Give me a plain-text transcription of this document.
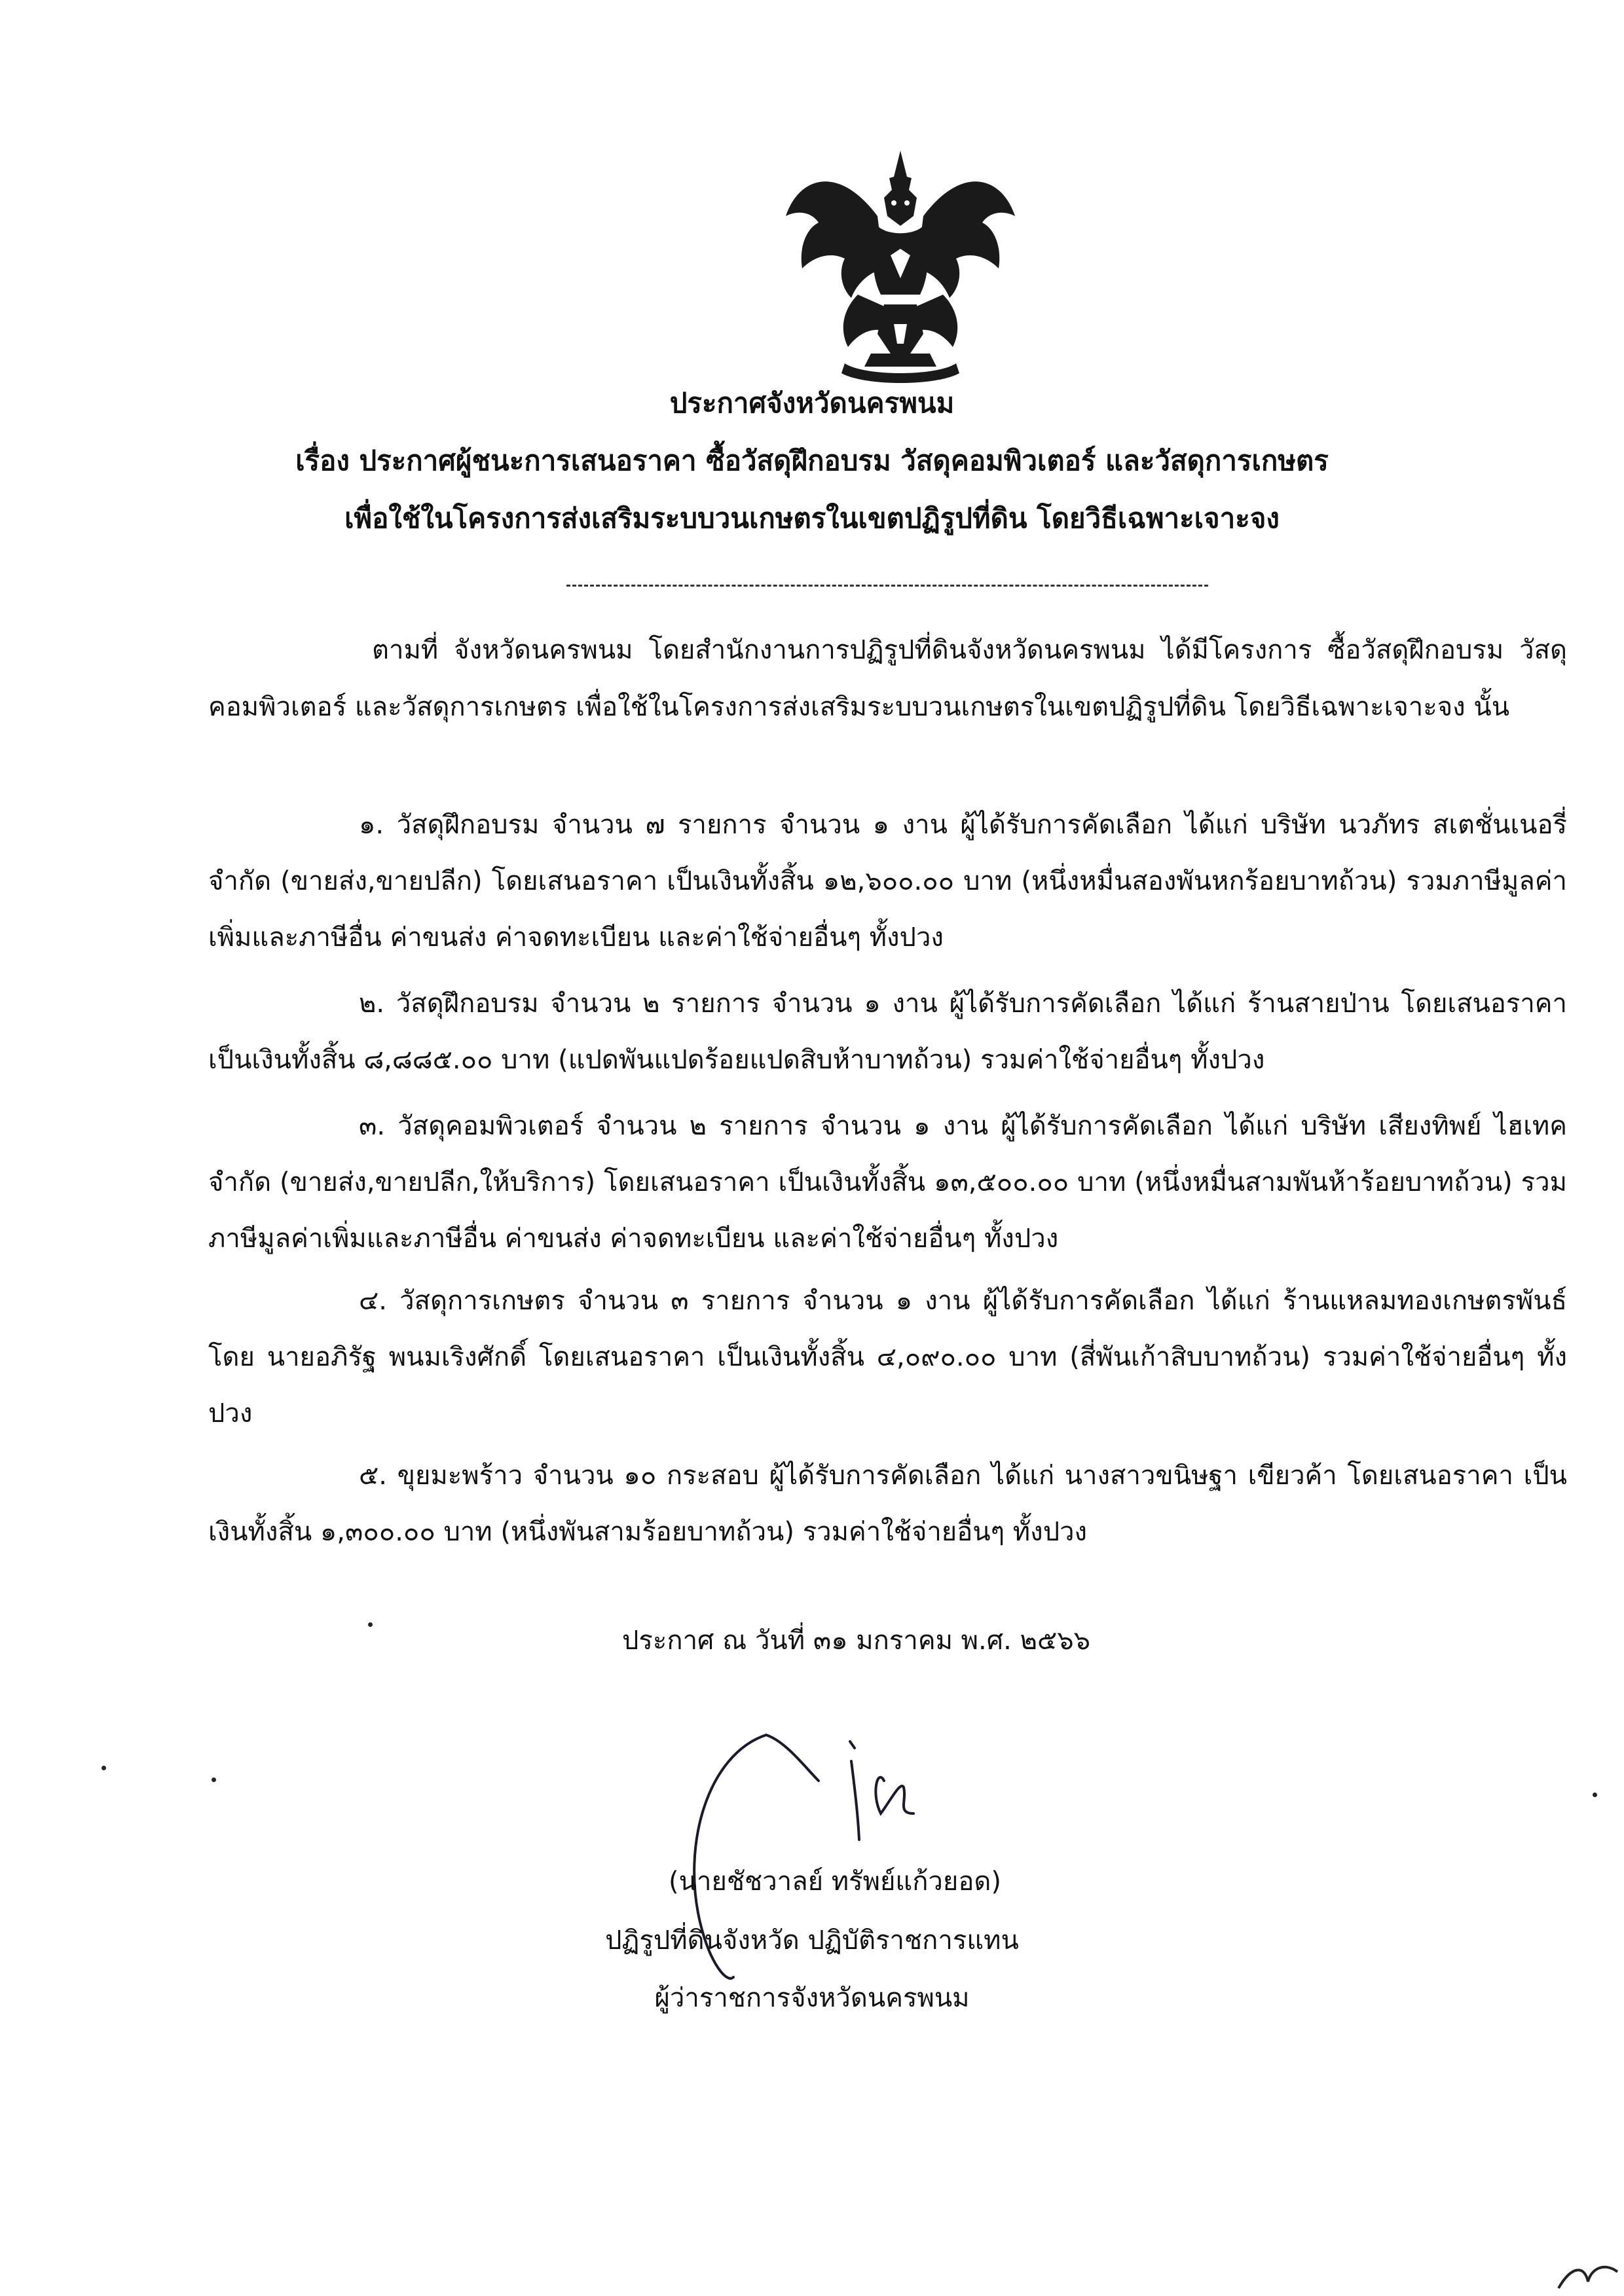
ประกาศจังหวัดนครพนม
เรื่อง ประกาศผู้ชนะการเสนอราคา ซื้อวัสดุฝึกอบรม วัสดุคอมพิวเตอร์ และวัสดุการเกษตร
เพื่อใช้ในโครงการส่งเสริมระบบวนเกษตรในเขตปฏิรูปที่ดิน โดยวิธีเฉพาะเจาะจง

ตามที่ จังหวัดนครพนม โดยสำนักงานการปฏิรูปที่ดินจังหวัดนครพนม ได้มีโครงการ ซื้อวัสดุฝึกอบรม วัสดุคอมพิวเตอร์ และวัสดุการเกษตร เพื่อใช้ในโครงการส่งเสริมระบบวนเกษตรในเขตปฏิรูปที่ดิน โดยวิธีเฉพาะเจาะจง นั้น

๑. วัสดุฝึกอบรม จำนวน ๗ รายการ จำนวน ๑ งาน ผู้ได้รับการคัดเลือก ได้แก่ บริษัท นวภัทร สเตชั่นเนอรี่ จำกัด (ขายส่ง,ขายปลีก) โดยเสนอราคา เป็นเงินทั้งสิ้น ๑๒,๖๐๐.๐๐ บาท (หนึ่งหมื่นสองพันหกร้อยบาทถ้วน) รวมภาษีมูลค่าเพิ่มและภาษีอื่น ค่าขนส่ง ค่าจดทะเบียน และค่าใช้จ่ายอื่นๆ ทั้งปวง

๒. วัสดุฝึกอบรม จำนวน ๒ รายการ จำนวน ๑ งาน ผู้ได้รับการคัดเลือก ได้แก่ ร้านสายป่าน โดยเสนอราคา เป็นเงินทั้งสิ้น ๘,๘๘๕.๐๐ บาท (แปดพันแปดร้อยแปดสิบห้าบาทถ้วน) รวมค่าใช้จ่ายอื่นๆ ทั้งปวง

๓. วัสดุคอมพิวเตอร์ จำนวน ๒ รายการ จำนวน ๑ งาน ผู้ได้รับการคัดเลือก ได้แก่ บริษัท เสียงทิพย์ ไฮเทค จำกัด (ขายส่ง,ขายปลีก,ให้บริการ) โดยเสนอราคา เป็นเงินทั้งสิ้น ๑๓,๕๐๐.๐๐ บาท (หนึ่งหมื่นสามพันห้าร้อยบาทถ้วน) รวมภาษีมูลค่าเพิ่มและภาษีอื่น ค่าขนส่ง ค่าจดทะเบียน และค่าใช้จ่ายอื่นๆ ทั้งปวง

๔. วัสดุการเกษตร จำนวน ๓ รายการ จำนวน ๑ งาน ผู้ได้รับการคัดเลือก ได้แก่ ร้านแหลมทองเกษตรพันธ์ โดย นายอภิรัฐ พนมเริงศักดิ์ โดยเสนอราคา เป็นเงินทั้งสิ้น ๔,๐๙๐.๐๐ บาท (สี่พันเก้าสิบบาทถ้วน) รวมค่าใช้จ่ายอื่นๆ ทั้งปวง

๕. ขุยมะพร้าว จำนวน ๑๐ กระสอบ ผู้ได้รับการคัดเลือก ได้แก่ นางสาวขนิษฐา เขียวค้า โดยเสนอราคา เป็นเงินทั้งสิ้น ๑,๓๐๐.๐๐ บาท (หนึ่งพันสามร้อยบาทถ้วน) รวมค่าใช้จ่ายอื่นๆ ทั้งปวง

ประกาศ ณ วันที่ ๓๑ มกราคม พ.ศ. ๒๕๖๖
(นายชัชวาลย์ ทรัพย์แก้วยอด)
ปฏิรูปที่ดินจังหวัด ปฏิบัติราชการแทน
ผู้ว่าราชการจังหวัดนครพนม
